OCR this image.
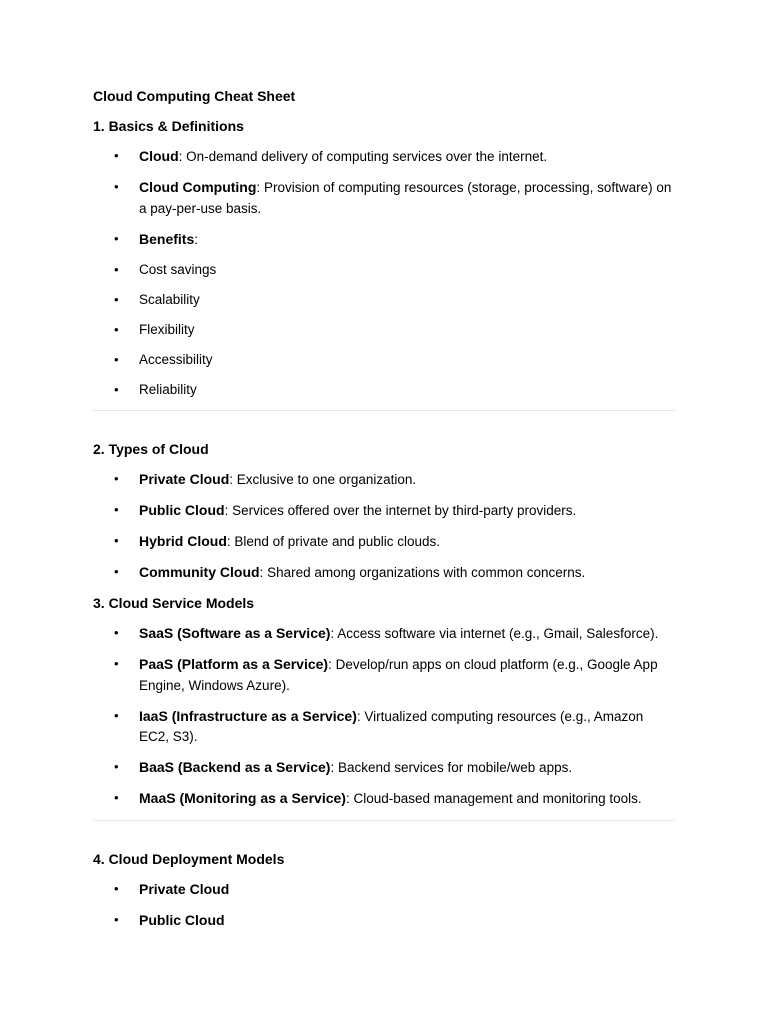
Cloud Computing Cheat Sheet

1. Basics & Definitions

• Cloud: On-demand delivery of computing services over the internet.
• Cloud Computing: Provision of computing resources (storage, processing, software) on a pay-per-use basis.
• Benefits:
• Cost savings
• Scalability
• Flexibility
• Accessibility
• Reliability

2. Types of Cloud

• Private Cloud: Exclusive to one organization.
• Public Cloud: Services offered over the internet by third-party providers.
• Hybrid Cloud: Blend of private and public clouds.
• Community Cloud: Shared among organizations with common concerns.

3. Cloud Service Models

• SaaS (Software as a Service): Access software via internet (e.g., Gmail, Salesforce).
• PaaS (Platform as a Service): Develop/run apps on cloud platform (e.g., Google App Engine, Windows Azure).
• IaaS (Infrastructure as a Service): Virtualized computing resources (e.g., Amazon EC2, S3).
• BaaS (Backend as a Service): Backend services for mobile/web apps.
• MaaS (Monitoring as a Service): Cloud-based management and monitoring tools.

4. Cloud Deployment Models

• Private Cloud
• Public Cloud
